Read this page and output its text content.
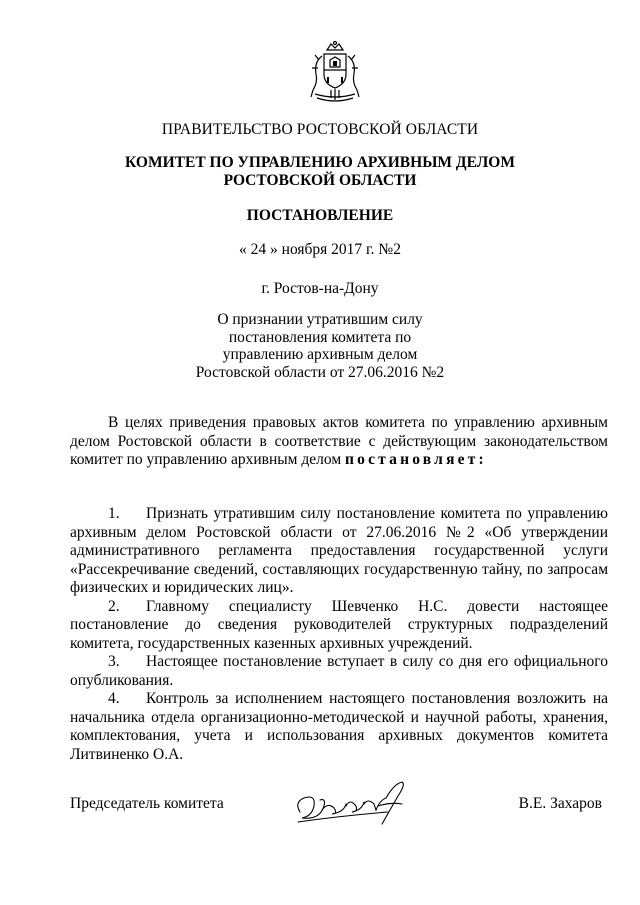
ПРАВИТЕЛЬСТВО РОСТОВСКОЙ ОБЛАСТИ
КОМИТЕТ ПО УПРАВЛЕНИЮ АРХИВНЫМ ДЕЛОМ
РОСТОВСКОЙ ОБЛАСТИ
ПОСТАНОВЛЕНИЕ
« 24 » ноября 2017 г. №2
г. Ростов-на-Дону
О признании утратившим силу
постановления комитета по
управлению архивным делом
Ростовской области от 27.06.2016 №2
В целях приведения правовых актов комитета по управлению архивным делом Ростовской области в соответствие с действующим законодательством комитет по управлению архивным делом постановляет:
1. Признать утратившим силу постановление комитета по управлению архивным делом Ростовской области от 27.06.2016 №2 «Об утверждении административного регламента предоставления государственной услуги «Рассекречивание сведений, составляющих государственную тайну, по запросам физических и юридических лиц».
2. Главному специалисту Шевченко Н.С. довести настоящее постановление до сведения руководителей структурных подразделений комитета, государственных казенных архивных учреждений.
3. Настоящее постановление вступает в силу со дня его официального опубликования.
4. Контроль за исполнением настоящего постановления возложить на начальника отдела организационно-методической и научной работы, хранения, комплектования, учета и использования архивных документов комитета Литвиненко О.А.
Председатель комитета	В.Е. Захаров
